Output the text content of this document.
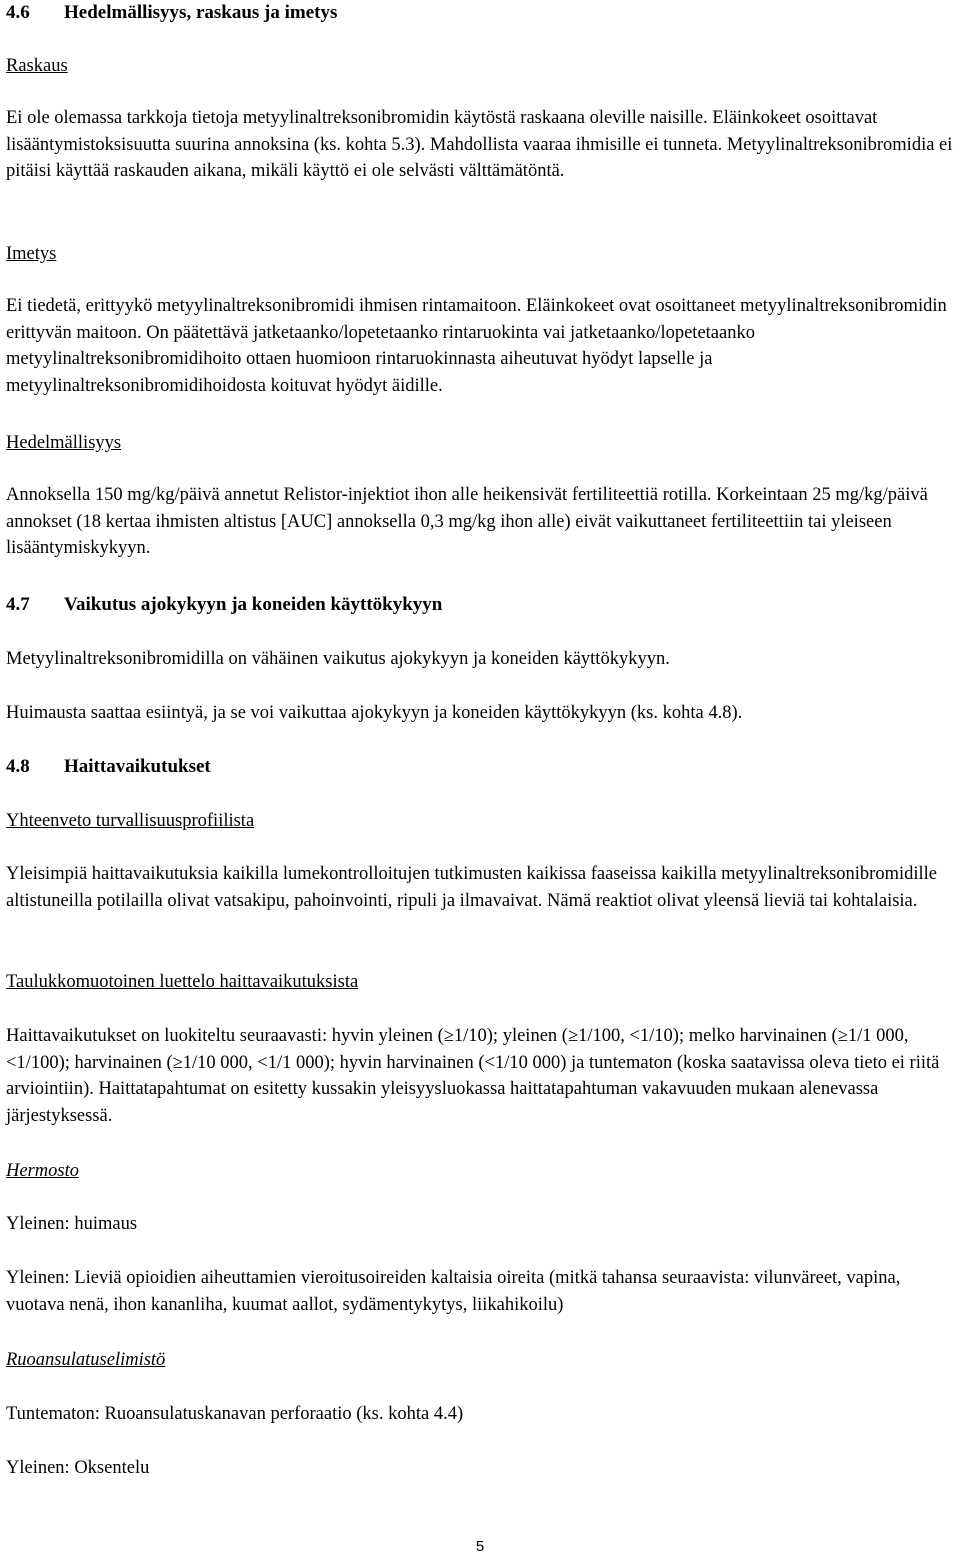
4.6 Hedelmällisyys, raskaus ja imetys
Raskaus

Ei ole olemassa tarkkoja tietoja metyylinaltreksonibromidin käytöstä raskaana oleville naisille. Eläinkokeet osoittavat lisääntymistoksisuutta suurina annoksina (ks. kohta 5.3). Mahdollista vaaraa ihmisille ei tunneta. Metyylinaltreksonibromidia ei pitäisi käyttää raskauden aikana, mikäli käyttö ei ole selvästi välttämätöntä.

Imetys

Ei tiedetä, erittyykö metyylinaltreksonibromidi ihmisen rintamaitoon. Eläinkokeet ovat osoittaneet metyylinaltreksonibromidin erittyvän maitoon. On päätettävä jatketaanko/lopetetaanko rintaruokinta vai jatketaanko/lopetetaanko metyylinaltreksonibromidihoito ottaen huomioon rintaruokinnasta aiheutuvat hyödyt lapselle ja metyylinaltreksonibromidihoidosta koituvat hyödyt äidille.

Hedelmällisyys

Annoksella 150 mg/kg/päivä annetut Relistor-injektiot ihon alle heikensivät fertiliteettiä rotilla. Korkeintaan 25 mg/kg/päivä annokset (18 kertaa ihmisten altistus [AUC] annoksella 0,3 mg/kg ihon alle) eivät vaikuttaneet fertiliteettiin tai yleiseen lisääntymiskykyyn.

4.7 Vaikutus ajokykyyn ja koneiden käyttökykyyn

Metyylinaltreksonibromidilla on vähäinen vaikutus ajokykyyn ja koneiden käyttökykyyn.

Huimausta saattaa esiintyä, ja se voi vaikuttaa ajokykyyn ja koneiden käyttökykyyn (ks. kohta 4.8).

4.8 Haittavaikutukset
Yhteenveto turvallisuusprofiilista

Yleisimpiä haittavaikutuksia kaikilla lumekontrolloitujen tutkimusten kaikissa faaseissa kaikilla metyylinaltreksonibromidille altistuneilla potilailla olivat vatsakipu, pahoinvointi, ripuli ja ilmavaivat. Nämä reaktiot olivat yleensä lieviä tai kohtalaisia.

Taulukkomuotoinen luettelo haittavaikutuksista

Haittavaikutukset on luokiteltu seuraavasti: hyvin yleinen (≥1/10); yleinen (≥1/100, <1/10); melko harvinainen (≥1/1 000, <1/100); harvinainen (≥1/10 000, <1/1 000); hyvin harvinainen (<1/10 000) ja tuntematon (koska saatavissa oleva tieto ei riitä arviointiin). Haittatapahtumat on esitetty kussakin yleisyysluokassa haittatapahtuman vakavuuden mukaan alenevassa järjestyksessä.

Hermosto

Yleinen: huimaus

Yleinen: Lieviä opioidien aiheuttamien vieroitusoireiden kaltaisia oireita (mitkä tahansa seuraavista: vilunväreet, vapina, vuotava nenä, ihon kananliha, kuumat aallot, sydämentykytys, liikahikoilu)

Ruoansulatuselimistö

Tuntematon: Ruoansulatuskanavan perforaatio (ks. kohta 4.4)

Yleinen: Oksentelu

5
